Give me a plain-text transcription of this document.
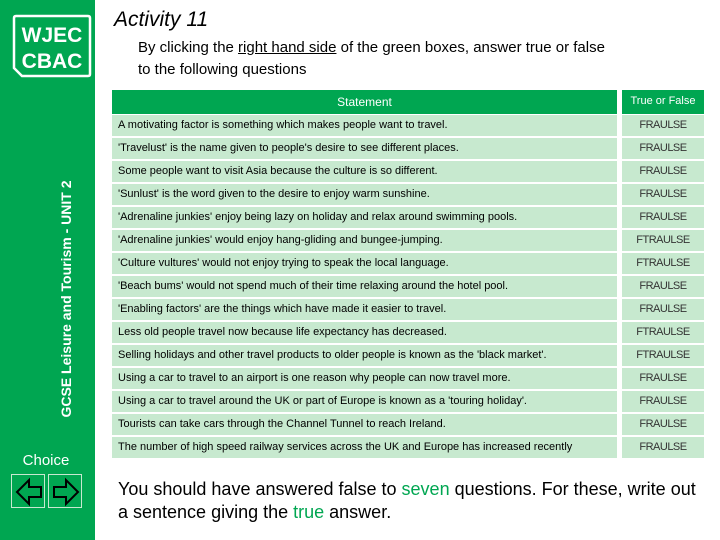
WJEC
CBAC
GCSE Leisure and Tourism - UNIT 2
Choice
Activity 11
By clicking the right hand side of the green boxes, answer true or false
to the following questions
Statement	True or False
A motivating factor is something which makes people want to travel.	FRAULSE
'Travelust' is the name given to people's desire to see different places.	FRAULSE
Some people want to visit Asia because the culture is so different.	FRAULSE
'Sunlust' is the word given to the desire to enjoy warm sunshine.	FRAULSE
'Adrenaline junkies' enjoy being lazy on holiday and relax around swimming pools.	FRAULSE
'Adrenaline junkies' would enjoy hang-gliding and bungee-jumping.	FTRAULSE
'Culture vultures' would not enjoy trying to speak the local language.	FTRAULSE
'Beach bums' would not spend much of their time relaxing around the hotel pool.	FRAULSE
'Enabling factors' are the things which have made it easier to travel.	FRAULSE
Less old people travel now because life expectancy has decreased.	FTRAULSE
Selling holidays and other travel products to older people is known as the 'black market'.	FTRAULSE
Using a car to travel to an airport is one reason why people can now travel more.	FRAULSE
Using a car to travel around the UK or part of Europe is known as a 'touring holiday'.	FRAULSE
Tourists can take cars through the Channel Tunnel to reach Ireland.	FRAULSE
The number of high speed railway services across the UK and Europe has increased recently	FRAULSE
You should have answered false to seven questions. For these, write out a sentence giving the true answer.
